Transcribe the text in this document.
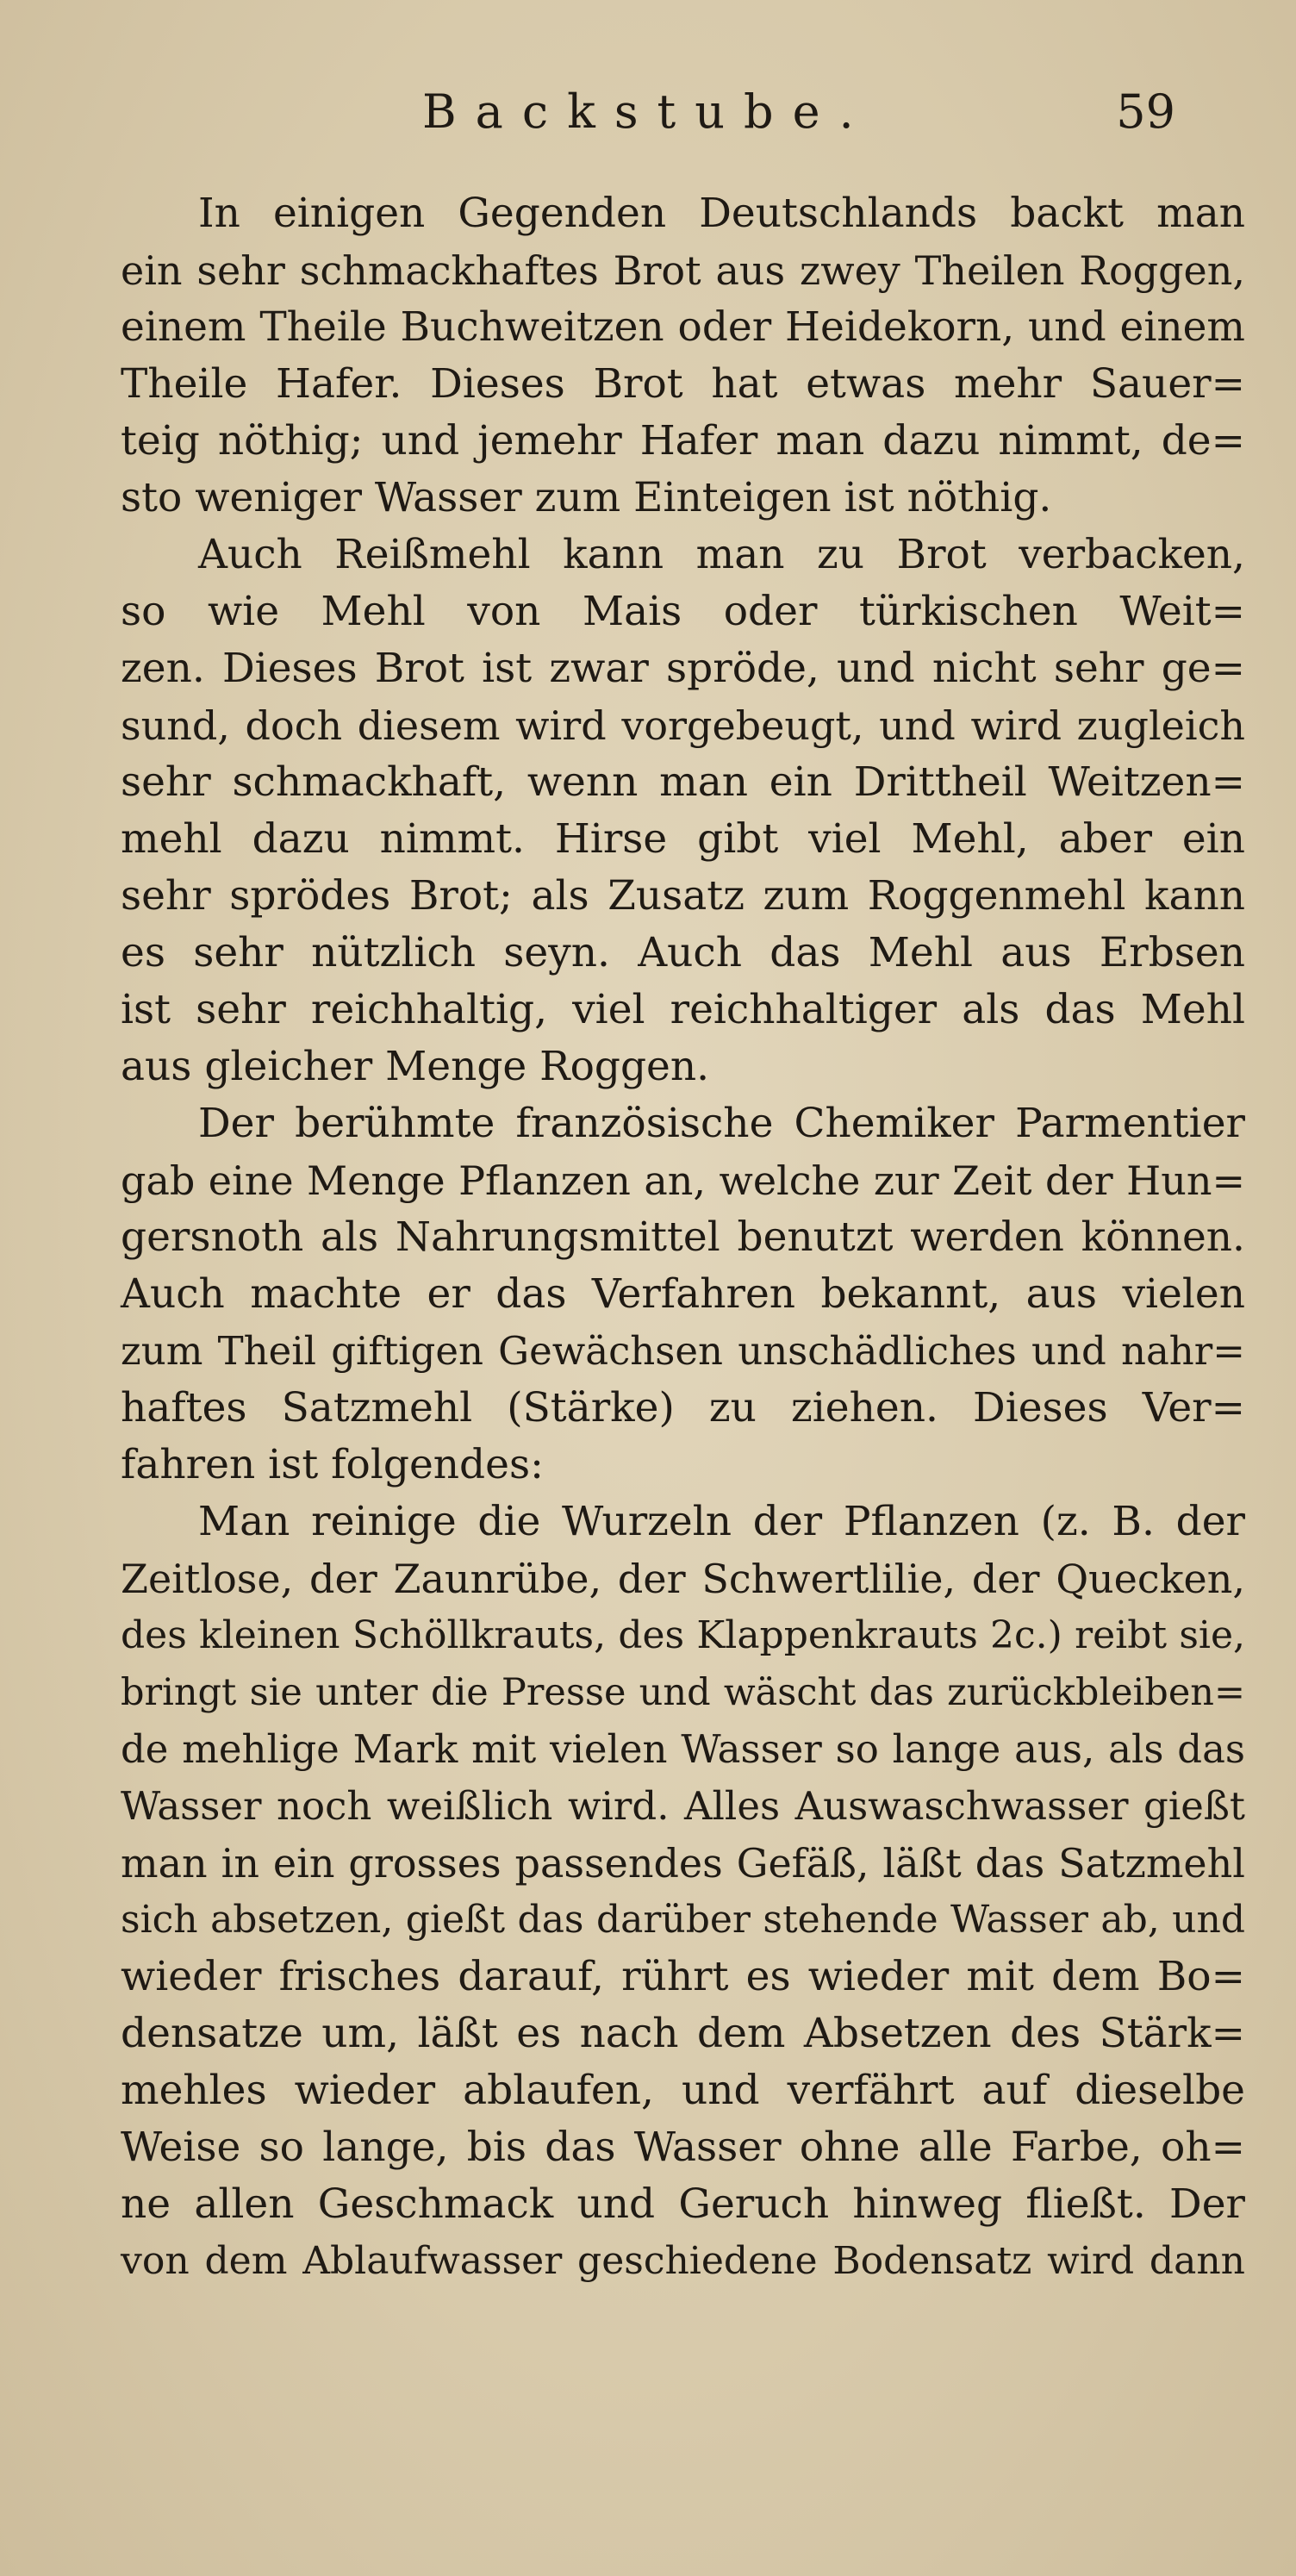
Backstube.	59
In einigen Gegenden Deutschlands backt man
ein sehr schmackhaftes Brot aus zwey Theilen Roggen,
einem Theile Buchweitzen oder Heidekorn, und einem
Theile Hafer. Dieses Brot hat etwas mehr Sauer=
teig nöthig; und jemehr Hafer man dazu nimmt, de=
sto weniger Wasser zum Einteigen ist nöthig.
Auch Reißmehl kann man zu Brot verbacken,
so wie Mehl von Mais oder türkischen Weit=
zen. Dieses Brot ist zwar spröde, und nicht sehr ge=
sund, doch diesem wird vorgebeugt, und wird zugleich
sehr schmackhaft, wenn man ein Drittheil Weitzen=
mehl dazu nimmt. Hirse gibt viel Mehl, aber ein
sehr sprödes Brot; als Zusatz zum Roggenmehl kann
es sehr nützlich seyn. Auch das Mehl aus Erbsen
ist sehr reichhaltig, viel reichhaltiger als das Mehl
aus gleicher Menge Roggen.
Der berühmte französische Chemiker Parmentier
gab eine Menge Pflanzen an, welche zur Zeit der Hun=
gersnoth als Nahrungsmittel benutzt werden können.
Auch machte er das Verfahren bekannt, aus vielen
zum Theil giftigen Gewächsen unschädliches und nahr=
haftes Satzmehl (Stärke) zu ziehen. Dieses Ver=
fahren ist folgendes:
Man reinige die Wurzeln der Pflanzen (z. B. der
Zeitlose, der Zaunrübe, der Schwertlilie, der Quecken,
des kleinen Schöllkrauts, des Klappenkrauts 2c.) reibt sie,
bringt sie unter die Presse und wäscht das zurückbleiben=
de mehlige Mark mit vielen Wasser so lange aus, als das
Wasser noch weißlich wird. Alles Auswaschwasser gießt
man in ein grosses passendes Gefäß, läßt das Satzmehl
sich absetzen, gießt das darüber stehende Wasser ab, und
wieder frisches darauf, rührt es wieder mit dem Bo=
densatze um, läßt es nach dem Absetzen des Stärk=
mehles wieder ablaufen, und verfährt auf dieselbe
Weise so lange, bis das Wasser ohne alle Farbe, oh=
ne allen Geschmack und Geruch hinweg fließt. Der
von dem Ablaufwasser geschiedene Bodensatz wird dann
